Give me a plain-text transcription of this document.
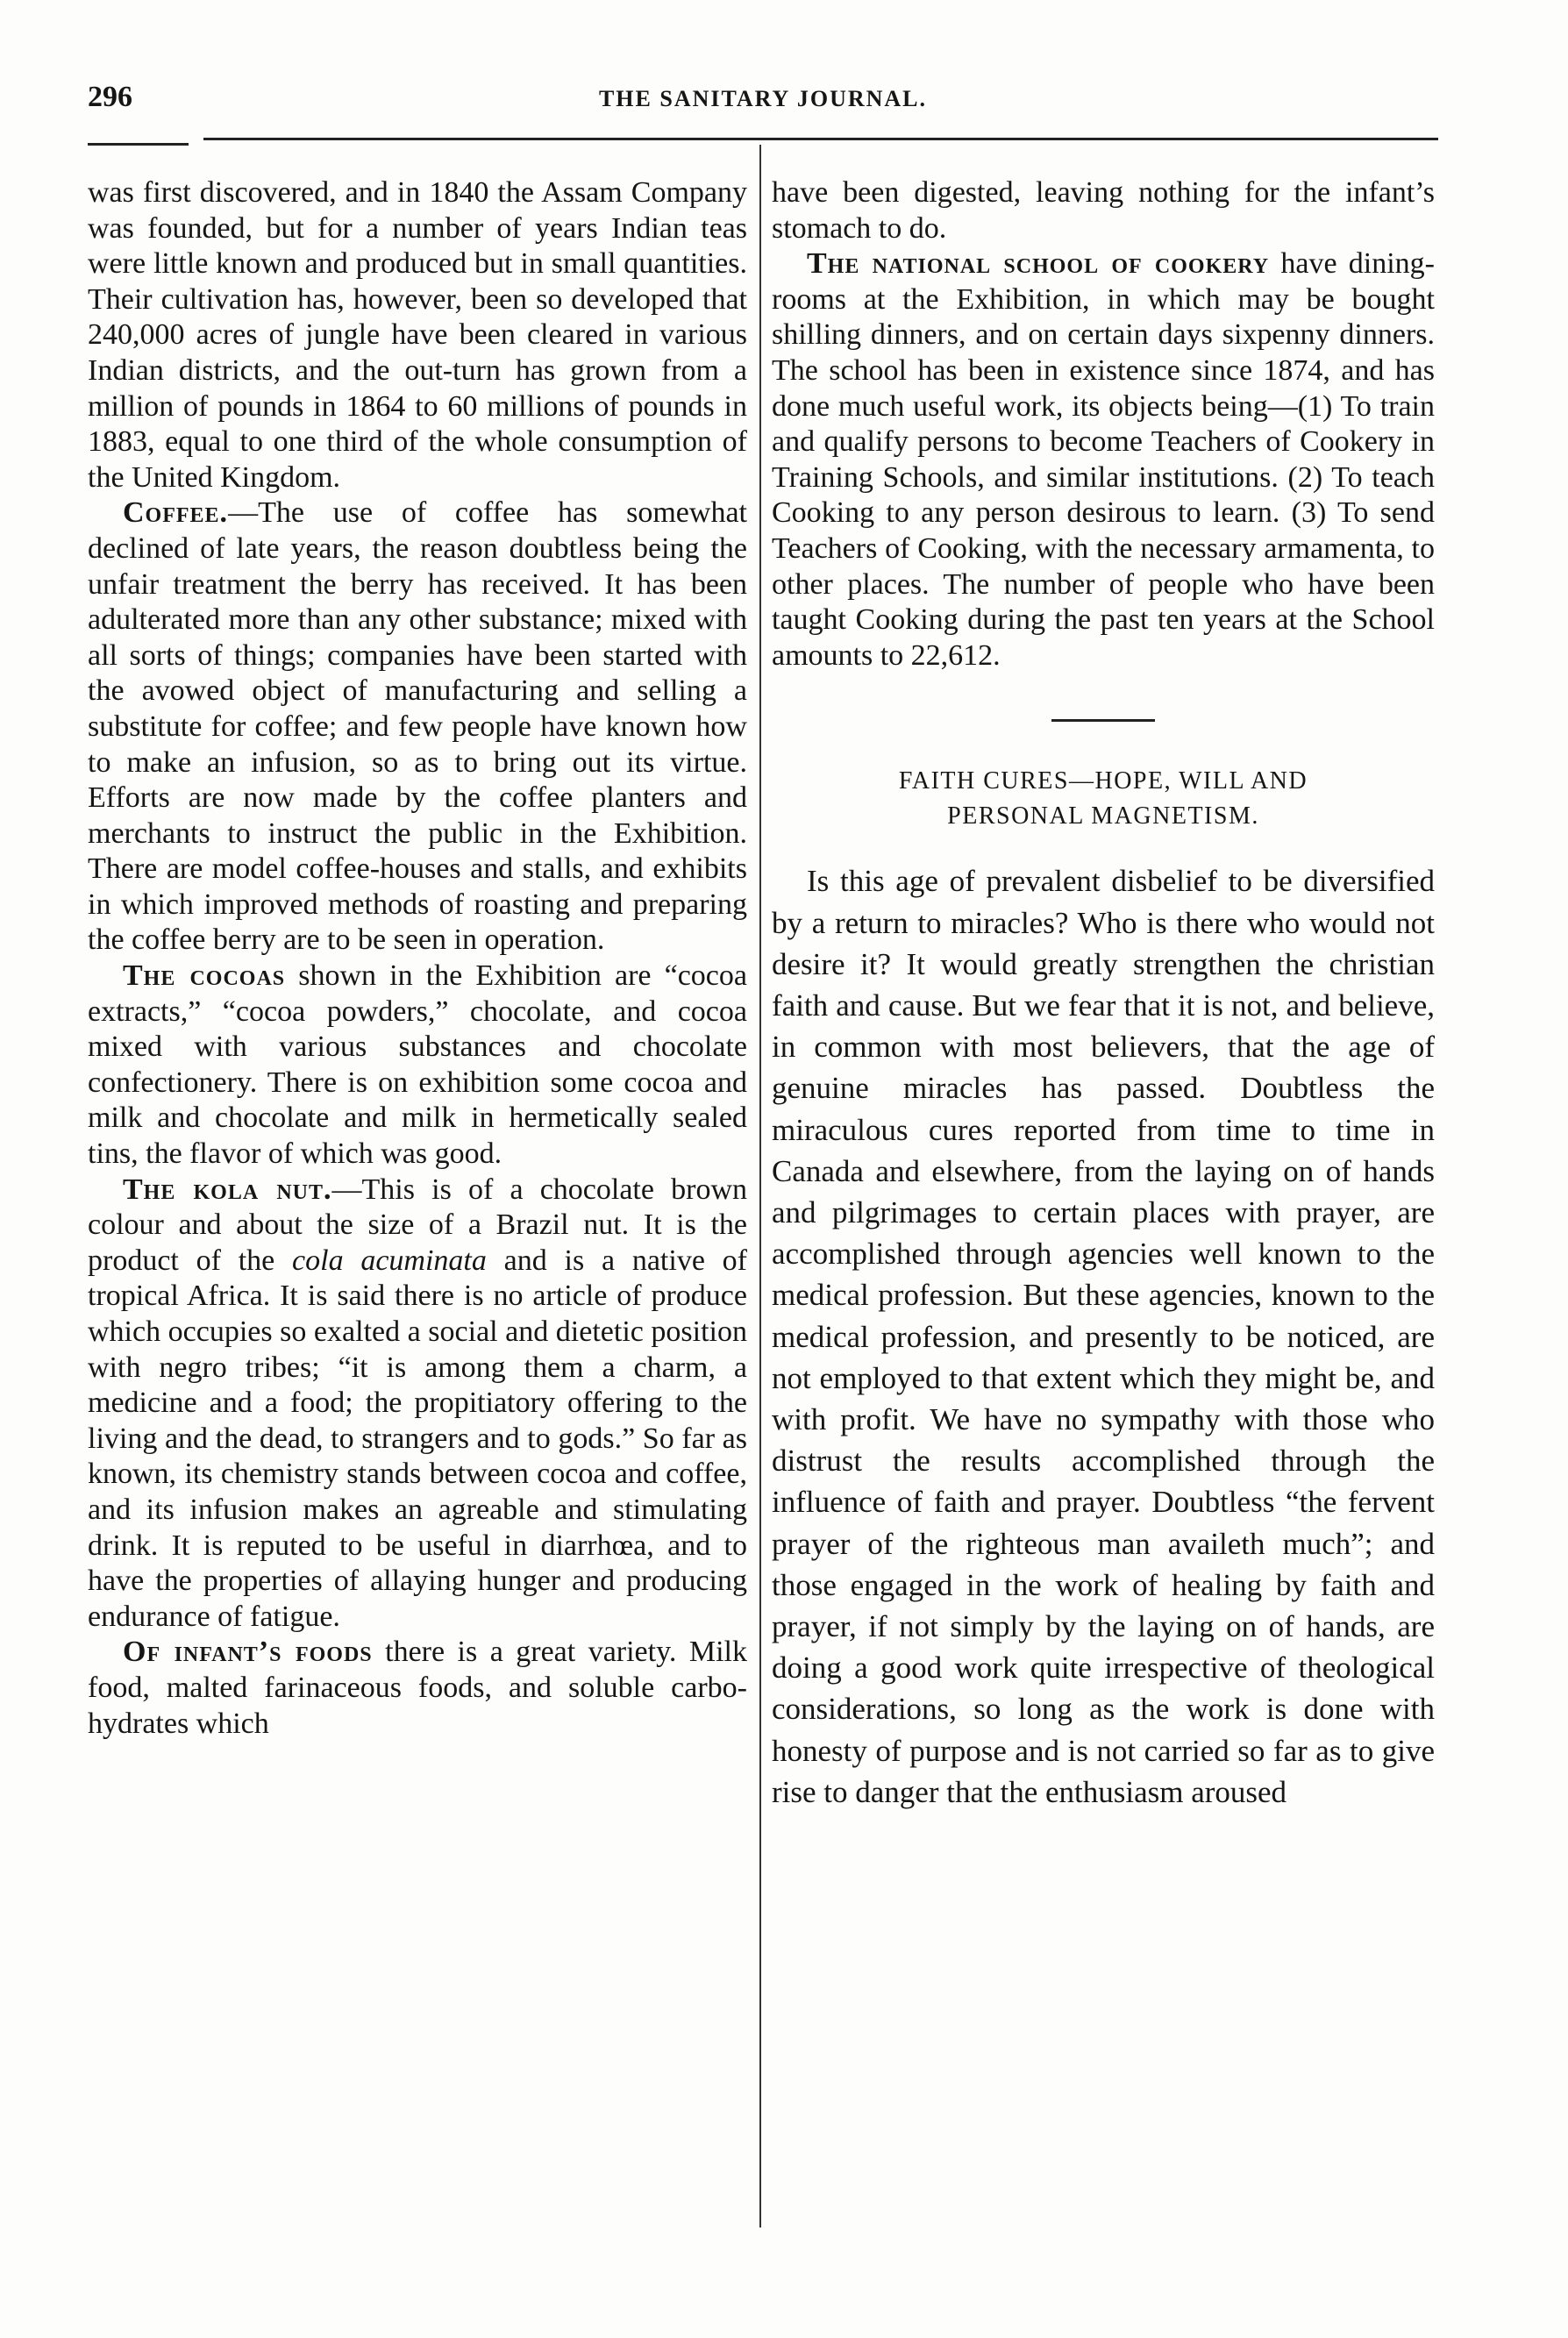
296	THE SANITARY JOURNAL.

was first discovered, and in 1840 the Assam Company was founded, but for a number of years Indian teas were little known and produced but in small quantities. Their cultivation has, however, been so developed that 240,000 acres of jungle have been cleared in various Indian districts, and the out-turn has grown from a million of pounds in 1864 to 60 millions of pounds in 1883, equal to one third of the whole consumption of the United Kingdom.

Coffee.—The use of coffee has somewhat declined of late years, the reason doubtless being the unfair treatment the berry has received. It has been adulterated more than any other substance; mixed with all sorts of things; companies have been started with the avowed object of manufacturing and selling a substitute for coffee; and few people have known how to make an infusion, so as to bring out its virtue. Efforts are now made by the coffee planters and merchants to instruct the public in the Exhibition. There are model coffee-houses and stalls, and exhibits in which improved methods of roasting and preparing the coffee berry are to be seen in operation.

The cocoas shown in the Exhibition are “cocoa extracts,” “cocoa powders,” chocolate, and cocoa mixed with various substances and chocolate confectionery. There is on exhibition some cocoa and milk and chocolate and milk in hermetically sealed tins, the flavor of which was good.

The kola nut.—This is of a chocolate brown colour and about the size of a Brazil nut. It is the product of the cola acuminata and is a native of tropical Africa. It is said there is no article of produce which occupies so exalted a social and dietetic position with negro tribes; “it is among them a charm, a medicine and a food; the propitiatory offering to the living and the dead, to strangers and to gods.” So far as known, its chemistry stands between cocoa and coffee, and its infusion makes an agreable and stimulating drink. It is reputed to be useful in diarrhœa, and to have the properties of allaying hunger and producing endurance of fatigue.

Of infant’s foods there is a great variety. Milk food, malted farinaceous foods, and soluble carbo-hydrates which

have been digested, leaving nothing for the infant’s stomach to do.

The national school of cookery have dining-rooms at the Exhibition, in which may be bought shilling dinners, and on certain days sixpenny dinners. The school has been in existence since 1874, and has done much useful work, its objects being—(1) To train and qualify persons to become Teachers of Cookery in Training Schools, and similar institutions. (2) To teach Cooking to any person desirous to learn. (3) To send Teachers of Cooking, with the necessary armamenta, to other places. The number of people who have been taught Cooking during the past ten years at the School amounts to 22,612.

FAITH CURES—HOPE, WILL AND
PERSONAL MAGNETISM.

Is this age of prevalent disbelief to be diversified by a return to miracles? Who is there who would not desire it? It would greatly strengthen the christian faith and cause. But we fear that it is not, and believe, in common with most believers, that the age of genuine miracles has passed. Doubtless the miraculous cures reported from time to time in Canada and elsewhere, from the laying on of hands and pilgrimages to certain places with prayer, are accomplished through agencies well known to the medical profession. But these agencies, known to the medical profession, and presently to be noticed, are not employed to that extent which they might be, and with profit. We have no sympathy with those who distrust the results accomplished through the influence of faith and prayer. Doubtless “the fervent prayer of the righteous man availeth much”; and those engaged in the work of healing by faith and prayer, if not simply by the laying on of hands, are doing a good work quite irrespective of theological considerations, so long as the work is done with honesty of purpose and is not carried so far as to give rise to danger that the enthusiasm aroused
